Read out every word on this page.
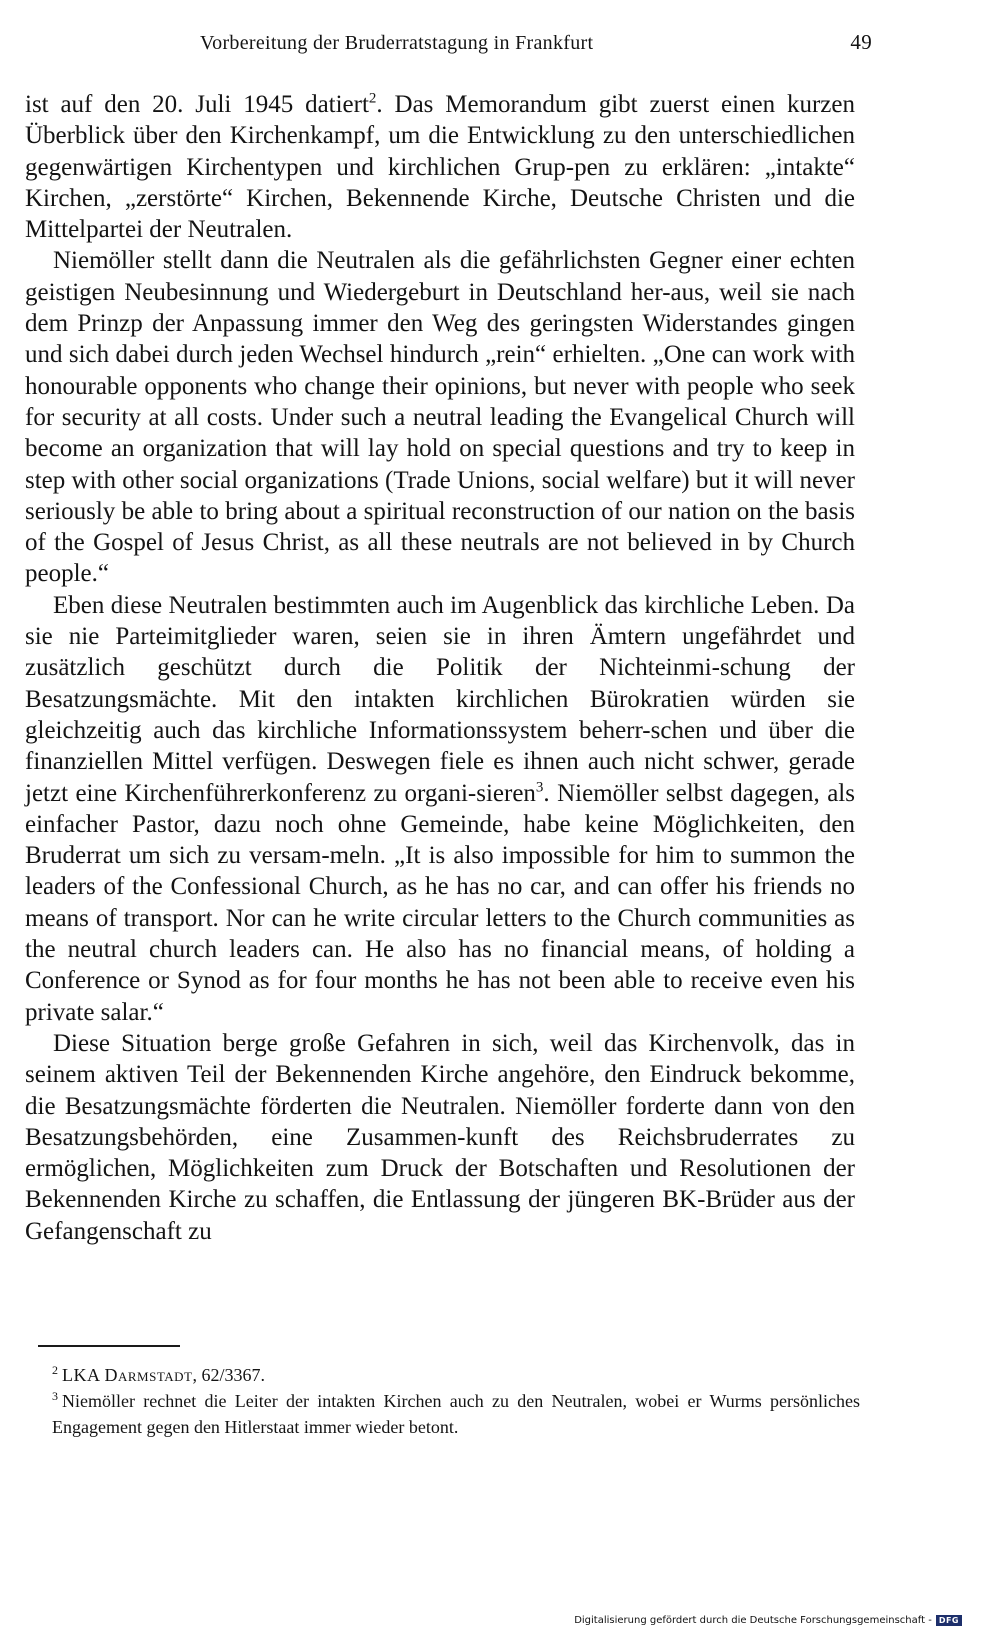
Vorbereitung der Bruderratstagung in Frankfurt	49

ist auf den 20. Juli 1945 datiert$^2$. Das Memorandum gibt zuerst einen kurzen Überblick über den Kirchenkampf, um die Entwicklung zu den unterschiedlichen gegenwärtigen Kirchentypen und kirchlichen Grup-pen zu erklären: „intakte“ Kirchen, „zerstörte“ Kirchen, Bekennende Kirche, Deutsche Christen und die Mittelpartei der Neutralen.

Niemöller stellt dann die Neutralen als die gefährlichsten Gegner einer echten geistigen Neubesinnung und Wiedergeburt in Deutschland her-aus, weil sie nach dem Prinzp der Anpassung immer den Weg des geringsten Widerstandes gingen und sich dabei durch jeden Wechsel hindurch „rein“ erhielten. „One can work with honourable opponents who change their opinions, but never with people who seek for security at all costs. Under such a neutral leading the Evangelical Church will become an organization that will lay hold on special questions and try to keep in step with other social organizations (Trade Unions, social welfare) but it will never seriously be able to bring about a spiritual reconstruction of our nation on the basis of the Gospel of Jesus Christ, as all these neutrals are not believed in by Church people.“

Eben diese Neutralen bestimmten auch im Augenblick das kirchliche Leben. Da sie nie Parteimitglieder waren, seien sie in ihren Ämtern ungefährdet und zusätzlich geschützt durch die Politik der Nichteinmi-schung der Besatzungsmächte. Mit den intakten kirchlichen Bürokratien würden sie gleichzeitig auch das kirchliche Informationssystem beherr-schen und über die finanziellen Mittel verfügen. Deswegen fiele es ihnen auch nicht schwer, gerade jetzt eine Kirchenführerkonferenz zu organi-sieren$^3$. Niemöller selbst dagegen, als einfacher Pastor, dazu noch ohne Gemeinde, habe keine Möglichkeiten, den Bruderrat um sich zu versam-meln. „It is also impossible for him to summon the leaders of the Confessional Church, as he has no car, and can offer his friends no means of transport. Nor can he write circular letters to the Church communities as the neutral church leaders can. He also has no financial means, of holding a Conference or Synod as for four months he has not been able to receive even his private salar.“

Diese Situation berge große Gefahren in sich, weil das Kirchenvolk, das in seinem aktiven Teil der Bekennenden Kirche angehöre, den Eindruck bekomme, die Besatzungsmächte förderten die Neutralen. Niemöller forderte dann von den Besatzungsbehörden, eine Zusammen-kunft des Reichsbruderrates zu ermöglichen, Möglichkeiten zum Druck der Botschaften und Resolutionen der Bekennenden Kirche zu schaffen, die Entlassung der jüngeren BK-Brüder aus der Gefangenschaft zu

$^2$ LKA Darmstadt, 62/3367.

$^3$ Niemöller rechnet die Leiter der intakten Kirchen auch zu den Neutralen, wobei er Wurms persönliches Engagement gegen den Hitlerstaat immer wieder betont.

Digitalisierung gefördert durch die Deutsche Forschungsgemeinschaft - DFG
